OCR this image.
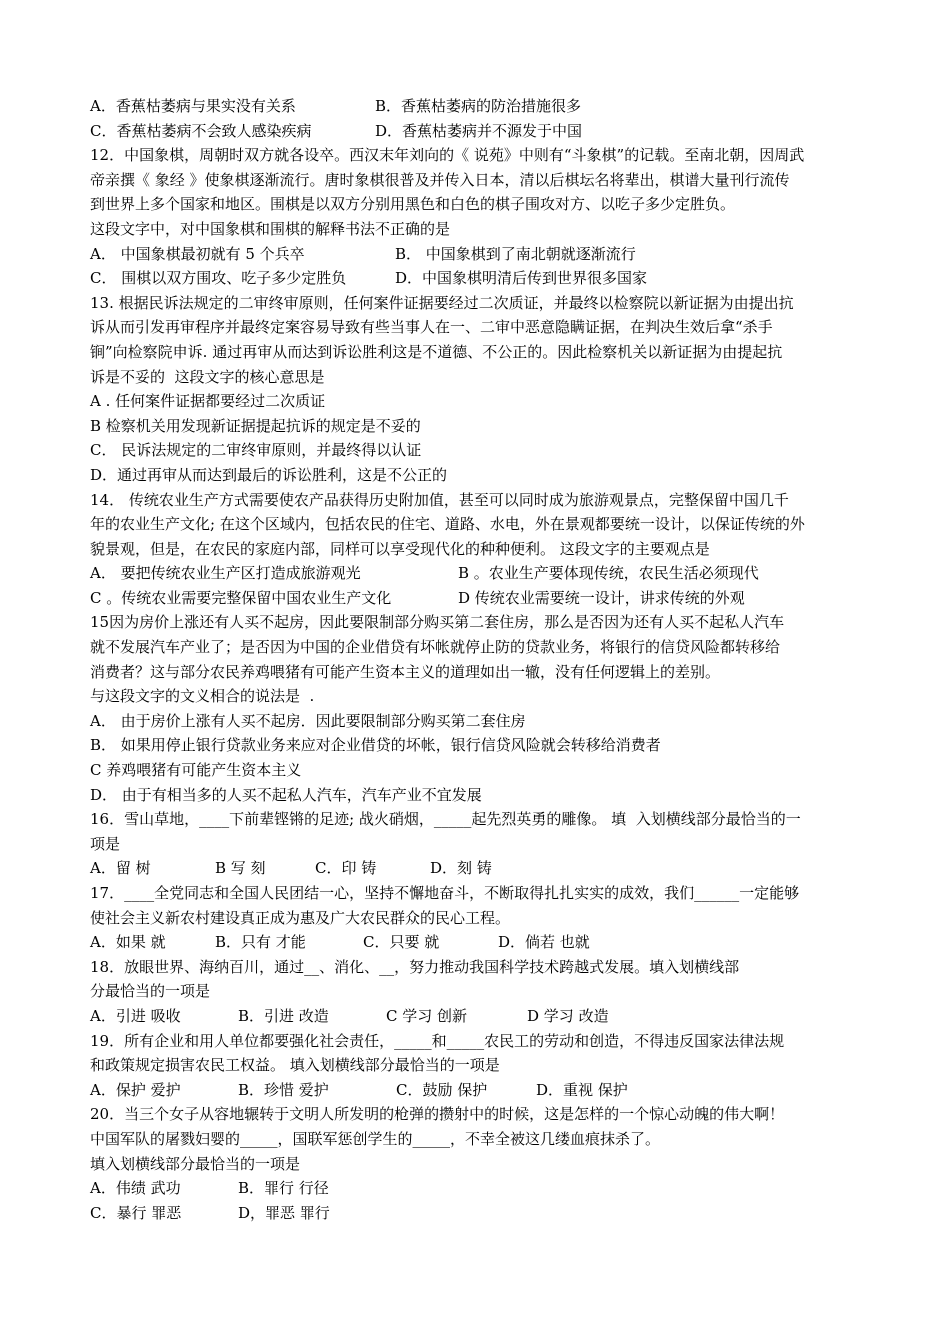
A．香蕉枯萎病与果实没有关系	B．香蕉枯萎病的防治措施很多
C．香蕉枯萎病不会致人感染疾病	D．香蕉枯萎病并不源发于中国
12．中国象棋，周朝时双方就各设卒。西汉末年刘向的《 说苑》中则有“斗象棋”的记载。至南北朝，因周武
帝亲撰《 象经 》使象棋逐渐流行。唐时象棋很普及并传入日本，清以后棋坛名将辈出，棋谱大量刊行流传
到世界上多个国家和地区。围棋是以双方分别用黑色和白色的棋子围攻对方、以吃子多少定胜负。
这段文字中，对中国象棋和围棋的解释书法不正确的是
A． 中国象棋最初就有 5 个兵卒	B． 中国象棋到了南北朝就逐渐流行
C． 围棋以双方围攻、吃子多少定胜负	D．中国象棋明清后传到世界很多国家
13. 根据民诉法规定的二审终审原则，任何案件证据要经过二次质证，并最终以检察院以新证据为由提出抗
诉从而引发再审程序并最终定案容易导致有些当事人在一、二审中恶意隐瞒证据，在判决生效后拿“杀手
锏”向检察院申诉. 通过再审从而达到诉讼胜利这是不道德、不公正的。因此检察机关以新证据为由提起抗
诉是不妥的  这段文字的核心意思是
A . 任何案件证据都要经过二次质证
B 检察机关用发现新证据提起抗诉的规定是不妥的
C． 民诉法规定的二审终审原则，并最终得以认证
D．通过再审从而达到最后的诉讼胜利，这是不公正的
14． 传统农业生产方式需要使农产品获得历史附加值，甚至可以同时成为旅游观景点，完整保留中国几千
年的农业生产文化; 在这个区域内，包括农民的住宅、道路、水电，外在景观都要统一设计，以保证传统的外
貌景观，但是，在农民的家庭内部，同样可以享受现代化的种种便利。 这段文字的主要观点是
A． 要把传统农业生产区打造成旅游观光	B 。农业生产要体现传统，农民生活必须现代
C 。传统农业需要完整保留中国农业生产文化	D 传统农业需要统一设计，讲求传统的外观
15因为房价上涨还有人买不起房，因此要限制部分购买第二套住房，那么是否因为还有人买不起私人汽车
就不发展汽车产业了；是否因为中国的企业借贷有坏帐就停止防的贷款业务，将银行的信贷风险都转移给
消费者？这与部分农民养鸡喂猪有可能产生资本主义的道理如出一辙，没有任何逻辑上的差别。
与这段文字的文义相合的说法是  .
A． 由于房价上涨有人买不起房．因此要限制部分购买第二套住房
B． 如果用停止银行贷款业务来应对企业借贷的坏帐，银行信贷风险就会转移给消费者
C 养鸡喂猪有可能产生资本主义
D． 由于有相当多的人买不起私人汽车，汽车产业不宜发展
16．雪山草地，____下前辈铿锵的足迹; 战火硝烟，_____起先烈英勇的雕像。 填  入划横线部分最恰当的一
项是
A．留 树	B 写 刻	C．印 铸	D．刻 铸
17．____全党同志和全国人民团结一心，坚持不懈地奋斗，不断取得扎扎实实的成效，我们______一定能够
使社会主义新农村建设真正成为惠及广大农民群众的民心工程。
A．如果 就	B．只有 才能	C．只要 就	D．倘若 也就
18．放眼世界、海纳百川，通过__、消化、__，努力推动我国科学技术跨越式发展。填入划横线部
分最恰当的一项是
A．引进 吸收	B．引进 改造	C 学习 创新	D 学习 改造
19．所有企业和用人单位都要强化社会责任，_____和_____农民工的劳动和创造，不得违反国家法律法规
和政策规定损害农民工权益。 填入划横线部分最恰当的一项是
A．保护 爱护	B．珍惜 爱护	C．鼓励 保护	D．重视 保护
20．当三个女子从容地辗转于文明人所发明的枪弹的攒射中的时候，这是怎样的一个惊心动魄的伟大啊！
中国军队的屠戮妇婴的_____，国联军惩创学生的_____，不幸全被这几缕血痕抹杀了。
填入划横线部分最恰当的一项是
A．伟绩 武功	B．罪行 行径
C．暴行 罪恶	D，罪恶 罪行
